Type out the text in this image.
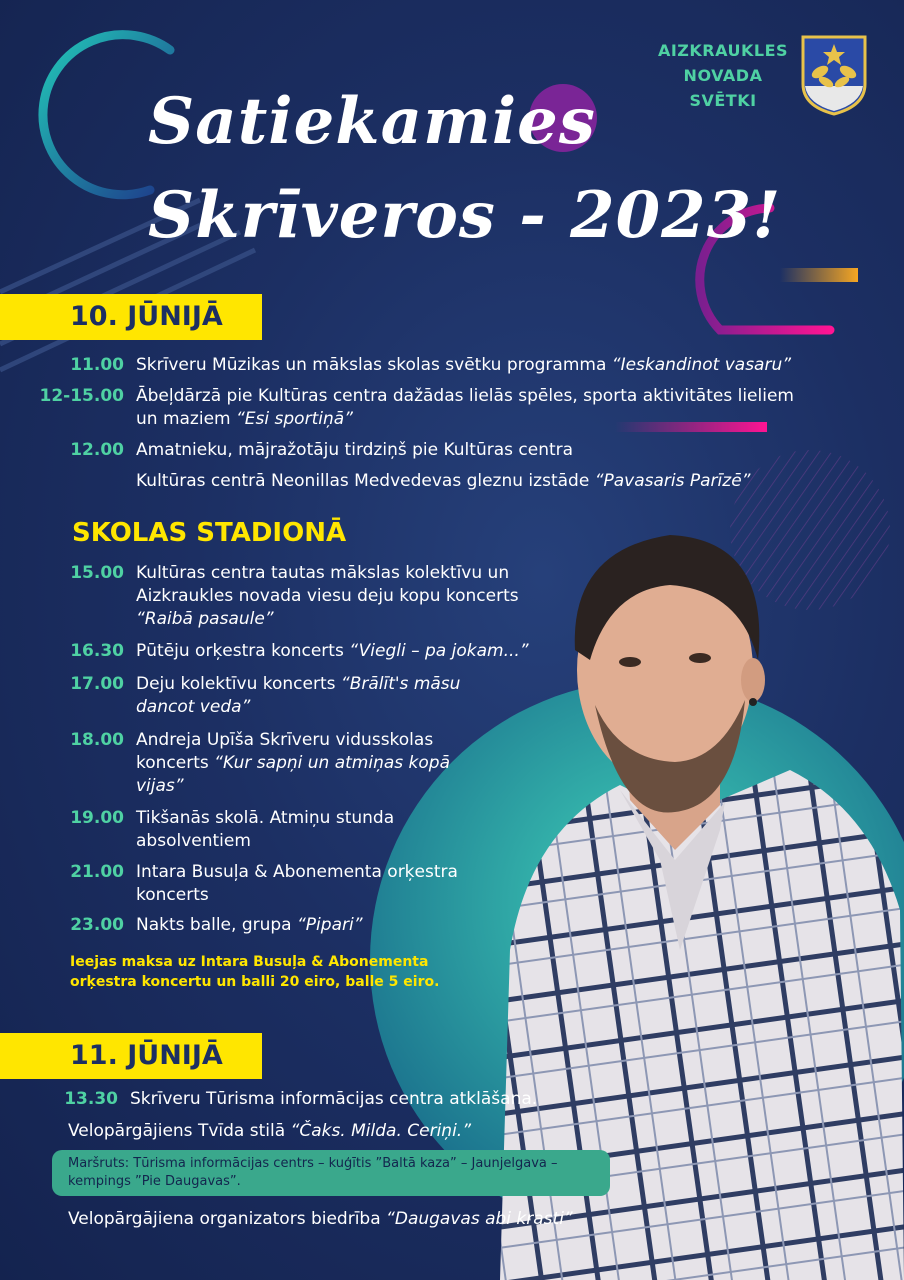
Satiekamies
Skrīveros - 2023!
AIZKRAUKLES
NOVADA
SVĒTKI
10. JŪNIJĀ
11.00 Skrīveru Mūzikas un mākslas skolas svētku programma “Ieskandinot vasaru”
12-15.00 Ābeļdārzā pie Kultūras centra dažādas lielās spēles, sporta aktivitātes lieliem
un maziem “Esi sportiņā”
12.00 Amatnieku, mājražotāju tirdziņš pie Kultūras centra
Kultūras centrā Neonillas Medvedevas gleznu izstāde “Pavasaris Parīzē”
SKOLAS STADIONĀ
15.00 Kultūras centra tautas mākslas kolektīvu un
Aizkraukles novada viesu deju kopu koncerts
“Raibā pasaule”
16.30 Pūtēju orķestra koncerts “Viegli – pa jokam...”
17.00 Deju kolektīvu koncerts “Brālīt's māsu
dancot veda”
18.00 Andreja Upīša Skrīveru vidusskolas
koncerts “Kur sapņi un atmiņas kopā
vijas”
19.00 Tikšanās skolā. Atmiņu stunda
absolventiem
21.00 Intara Busuļa & Abonementa orķestra
koncerts
23.00 Nakts balle, grupa “Pipari”
Ieejas maksa uz Intara Busuļa & Abonementa
orķestra koncertu un balli 20 eiro, balle 5 eiro.
11. JŪNIJĀ
13.30 Skrīveru Tūrisma informācijas centra atklāšana.
Velopārgājiens Tvīda stilā “Čaks. Milda. Ceriņi.”
Maršruts: Tūrisma informācijas centrs – kuģītis ”Baltā kaza” – Jaunjelgava –
kempings ”Pie Daugavas”.
Velopārgājiena organizators biedrība “Daugavas abi krasti”
